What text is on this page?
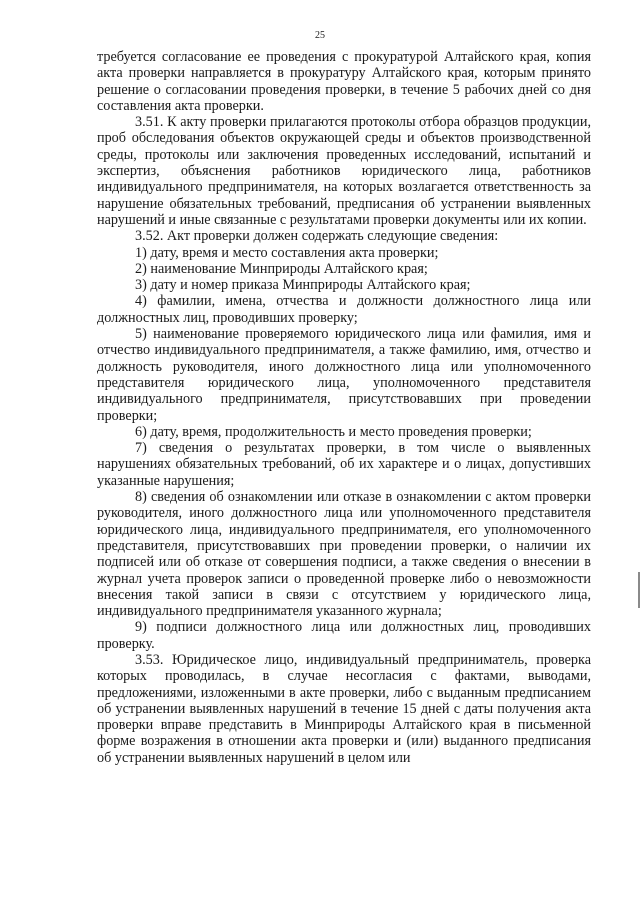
25

требуется согласование ее проведения с прокуратурой Алтайского края, копия акта проверки направляется в прокуратуру Алтайского края, которым принято решение о согласовании проведения проверки, в течение 5 рабочих дней со дня составления акта проверки.

3.51. К акту проверки прилагаются протоколы отбора образцов продукции, проб обследования объектов окружающей среды и объектов производственной среды, протоколы или заключения проведенных исследований, испытаний и экспертиз, объяснения работников юридического лица, работников индивидуального предпринимателя, на которых возлагается ответственность за нарушение обязательных требований, предписания об устранении выявленных нарушений и иные связанные с результатами проверки документы или их копии.

3.52. Акт проверки должен содержать следующие сведения:

1) дату, время и место составления акта проверки;

2) наименование Минприроды Алтайского края;

3) дату и номер приказа Минприроды Алтайского края;

4) фамилии, имена, отчества и должности должностного лица или должностных лиц, проводивших проверку;

5) наименование проверяемого юридического лица или фамилия, имя и отчество индивидуального предпринимателя, а также фамилию, имя, отчество и должность руководителя, иного должностного лица или уполномоченного представителя юридического лица, уполномоченного представителя индивидуального предпринимателя, присутствовавших при проведении проверки;

6) дату, время, продолжительность и место проведения проверки;

7) сведения о результатах проверки, в том числе о выявленных нарушениях обязательных требований, об их характере и о лицах, допустивших указанные нарушения;

8) сведения об ознакомлении или отказе в ознакомлении с актом проверки руководителя, иного должностного лица или уполномоченного представителя юридического лица, индивидуального предпринимателя, его уполномоченного представителя, присутствовавших при проведении проверки, о наличии их подписей или об отказе от совершения подписи, а также сведения о внесении в журнал учета проверок записи о проведенной проверке либо о невозможности внесения такой записи в связи с отсутствием у юридического лица, индивидуального предпринимателя указанного журнала;

9) подписи должностного лица или должностных лиц, проводивших проверку.

3.53. Юридическое лицо, индивидуальный предприниматель, проверка которых проводилась, в случае несогласия с фактами, выводами, предложениями, изложенными в акте проверки, либо с выданным предписанием об устранении выявленных нарушений в течение 15 дней с даты получения акта проверки вправе представить в Минприроды Алтайского края в письменной форме возражения в отношении акта проверки и (или) выданного предписания об устранении выявленных нарушений в целом или
